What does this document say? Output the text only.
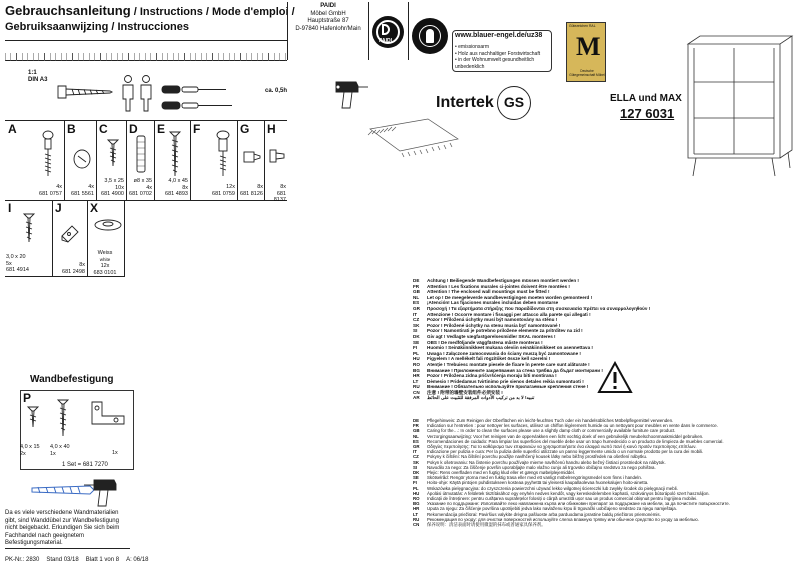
Gebrauchsanleitung / Instructions / Mode d'emploi /
Gebruiksaanwijzing / Instrucciones
PAIDI
Möbel GmbH
Hauptstraße 87
D-97840 Hafenlohr/Main
PAIDI
www.blauer-engel.de/uz38
• emissionsarm
• Holz aus nachhaltiger Forstwirtschaft
• in der Wohnumwelt gesundheitlich unbedenklich
Gütezeichen RAL
M
Deutsche Gütegemeinschaft Möbel
Intertek GS	ELLA und MAX
127 6031
1:1
DIN A3
ca. 0,5h
A
4x
681 0757
B
4x
681 5561
C
3,5 x 25
10x
681 4900
D
ø8 x 35
4x
681 0702
E
4,0 x 45
8x
681 4893
F
12x
681 0759
G
8x
681 8126
H
8x
681 8137
I
3,0 x 20
5x
681 4914
J
8x
681 2498
X
Weiss
white
12x
683 0101
Wandbefestigung
P
4,0 x 15
2x
4,0 x 40
1x	1x
1 Set = 681 7270
Da es viele verschiedene Wandmaterialien gibt, sind Wanddübel zur Wandbefestigung nicht beigebackt. Erkundigen Sie sich beim Fachhandel nach geeignetem Befestigungsmaterial.
PK-Nr.: 2830 Stand 03/18 Blatt 1 von 8 A: 06/18
DE	Achtung ! Beiliegende Wandbefestigungen müssen montiert werden !
FR	Attention ! Les fixations murales ci-jointes doivent être montées !
GB	Attention ! The enclosed wall mountings must be fitted !
NL	Let op ! De meegeleverde wandbevestigingen moeten worden gemonteerd !
ES	¡Atención! Las fijaciones murales incluidas deben montarse
GR	Προσοχή ! Τα εξαρτήματα στήριξης που παραδίδονται στη συσκευασία πρέπει να συναρμολογηθούν !
IT	Attenzione ! Occorre montare i fissaggi per attacco alla parete qui allegati !
CZ	Pozor ! Přiložená úchytky musí být namontovány na stěnu !
SK	Pozor ! Priložené úchytky na stenu musia byť namontované !
SI	Pozor ! Namontirati je potrebno priložene elemente za pritrditev na zid !
DK	Giv agt ! Vedlagte vægfastgørelsesmidler SKAL monteres !
SE	OBS ! De medföljande väggfästena måste monteras !
FI	Huomio ! Seinäkiinnikkeet mukana oleviin seinäkiinnikkeet on asennettava !
PL	Uwaga ! Załączone zamocowania do ściany muszą być zamontowane !
HU	Figyelem ! A mellékelt fali rögzítőket össze kell szerelni !
RO	Atenție ! Trebuiesc montate piesele de fixare în perete care sunt alăturate !
BG	Внимание ! Приложените закрепвания за стена трябва да бъдат монтирани !
HR	Pozor ! Priložena zidna pričvršćenja moraju biti montirana !
LT	Dėmesio ! Pridedamus tvirtinimo prie sienos detales reikia sumontuoti !
RU	Внимание ! Обязательно используйте прилагаемые крепления стене !
CN	注意 ! 附带的墙壁安装组件必须安装 !
AR	تنبيه! لا بد من تركيب الأدوات المرفقة للتثبيت على الحائط
DE	Pflegehinweis: Zum Reinigen der Oberflächen ein leicht-feuchtes Tuch oder ein handelsübliches Möbelpflegemittel verwenden.
FR	Indication sur l'entretien : pour nettoyer les surfaces, utilisez un chiffon légèrement humide ou un nettoyant pour meubles en vente dans le commerce.
GB	Caring for the…: In order to clean the surfaces please use a slightly damp cloth or commercially available furniture care product.
NL	Verzorgingsaanwijzing: Voor het reinigen van de oppervlakken een licht vochtig doek of een gebruikelijk meubelschoonmaakmiddel gebruiken.
ES	Recomendaciones de cuidado: Para limpiar las superficies del mueble debe usar un trapo humedecido o un producto de limpieza de muebles comercial.
GR	Οδηγίες περιποίησης: Για το καθάρισμα των επιφανειών να χρησιμοποιήσετε ένα ελαφρά νωπό πανί ή κοινό προϊόν περιποίησης επίπλων.
IT	Indicazione per pulizia e cura: Per la pulizia delle superfici utilizzate un panno leggermente umido o un normale prodotto per la cura dei mobili.
CZ	Pokyny k čištění: Na čištění povrchu použijte navlhčený kousek látky nebo běžný prostředek na ošetření nábytku.
SK	Pokyn k ošetrovaniu: Na čistenie povrchu používajte mierne navlhčenú handru alebo bežný čistiaci prostriedok na nábytok.
SI	Navodilo za nego: Za čiščenje površin uporabljajte malo vlažno cunjo ali trgovsko običajno sredstvo za nego pohištva.
DK	Plejic: Rens overfladen med en fugtig klud eller et gængs møbelplejemiddel.
SE	Skötselråd: Rengör ytorna med en fuktig trasa eller med ett vanligt möbelrengöringsmedel som finns i handeln.
FI	Hoito-ohje: Käytä pintojen puhdistukseen kosteaa pyyhettä tai yleisesti kaupallaolevaa huonekalujen hoito-ainetta.
PL	Wskazówka pielęgnacyjna: do czyszczenia powierzchni używać lekko wilgotnej ściereczki lub zwykły środek do pielęgnacji mebli.
HU	Ápolási útmutatás: A felületek tisztításához egy enyhén nedves kendőt, vagy kereskedelemben kapható, szokványos bútorápoló szert használjon.
RO	Indicații de întreținere: pentru curățarea suprafețelor folosiți o cârpă umezită ușor sau un produs comercial obișnuit pentru îngrijirea mobilei.
BG	Указание по поддържане: Използвайте леко навлажнена кърпа или обикновен препарат за поддържане на мебели, за да почистите повърхностите.
HR	Uputa za njegu: Za čišćenje površina upotrijebiti jedva lako navlaženu krpu ili trgovački uobičajeno sredstvo za njegu namještaja.
LT	Rekomendacija priežiūrai: Paviršius valykite drėgna pašluoste arba parduodama įprastine baldų priežiūros priemonėmis.
RU	Рекомендация по уходу: для очистки поверхностей используйте слегка влажную тряпку или обычное средство по уходу за мебелью.
CN	保养说明：清洁表面时请使用微湿的抹布或普通家具保养剂。
